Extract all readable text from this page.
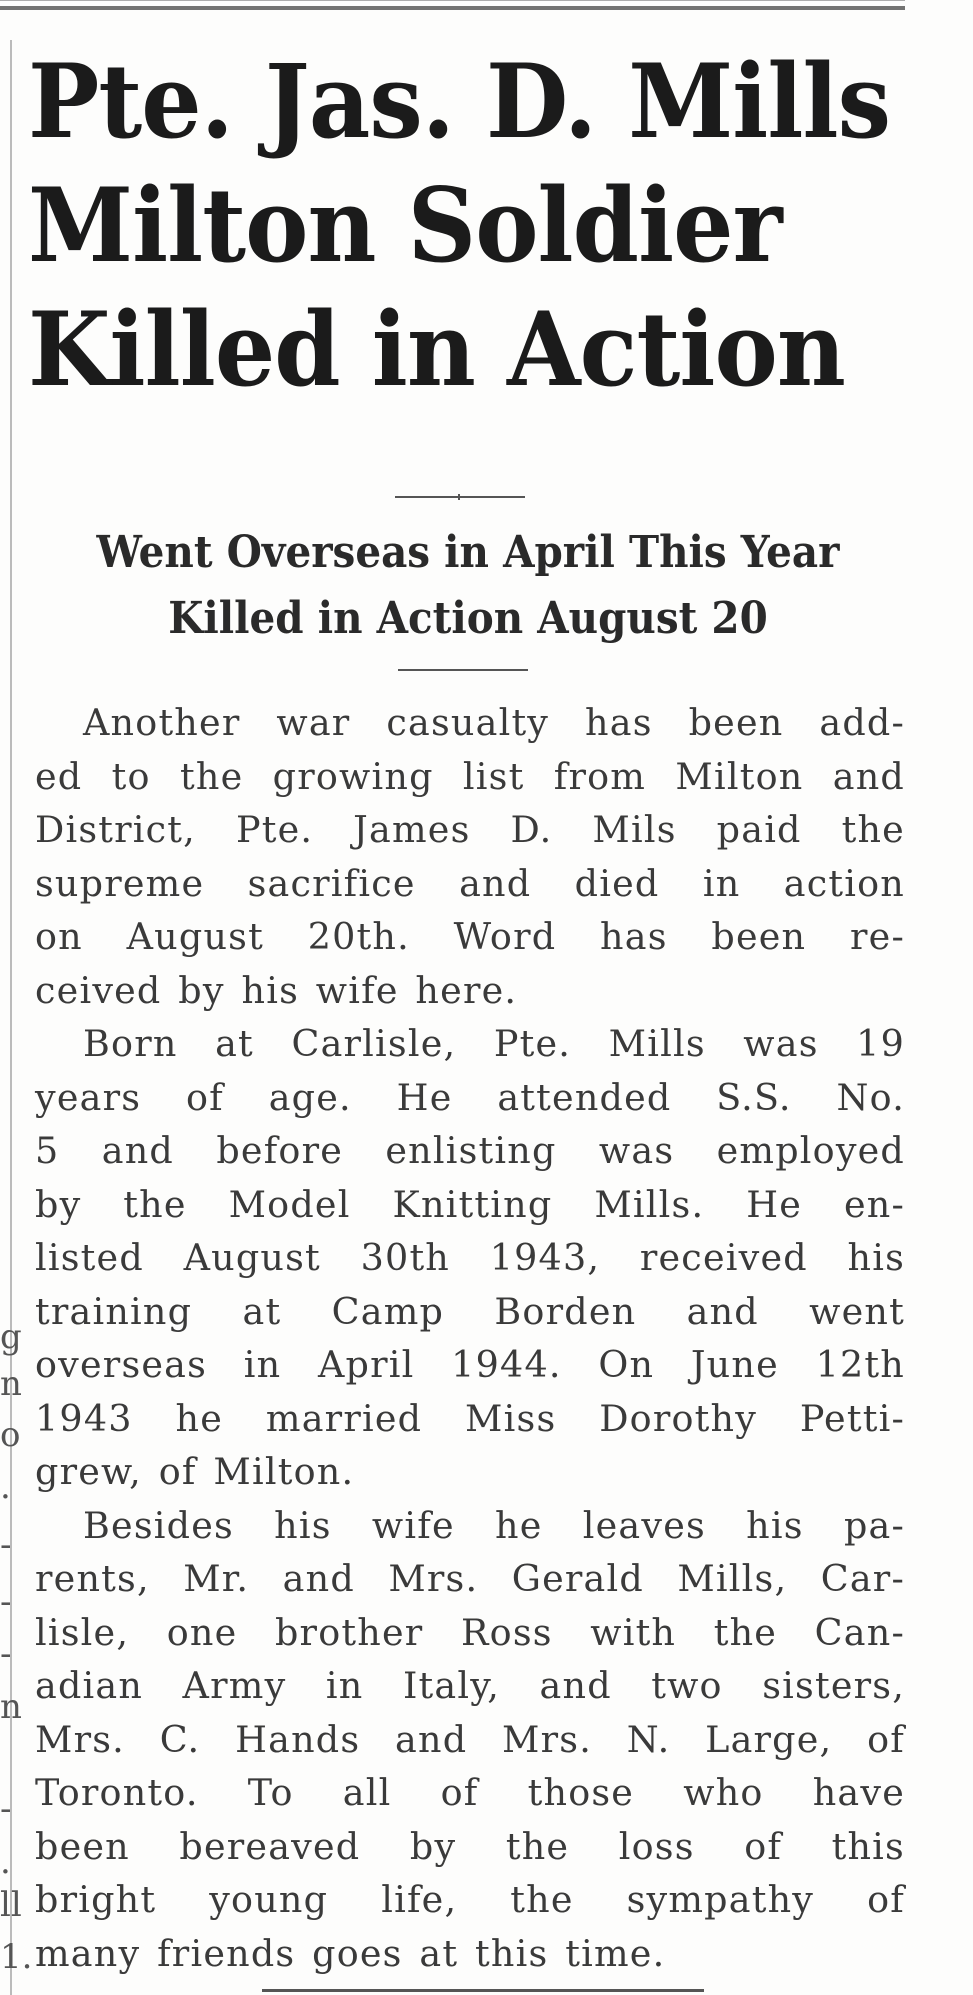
Pte. Jas. D. Mills
Milton Soldier
Killed in Action
Went Overseas in April This Year
Killed in Action August 20
Another war casualty has been add-
ed to the growing list from Milton and
District, Pte. James D. Mils paid the
supreme sacrifice and died in action
on August 20th. Word has been re-
ceived by his wife here.
Born at Carlisle, Pte. Mills was 19
years of age. He attended S.S. No.
5 and before enlisting was employed
by the Model Knitting Mills. He en-
listed August 30th 1943, received his
training at Camp Borden and went
overseas in April 1944. On June 12th
1943 he married Miss Dorothy Petti-
grew, of Milton.
Besides his wife he leaves his pa-
rents, Mr. and Mrs. Gerald Mills, Car-
lisle, one brother Ross with the Can-
adian Army in Italy, and two sisters,
Mrs. C. Hands and Mrs. N. Large, of
Toronto. To all of those who have
been bereaved by the loss of this
bright young life, the sympathy of
many friends goes at this time.
g
n
o
.
-
-
-
n
-
.
ll
1.
